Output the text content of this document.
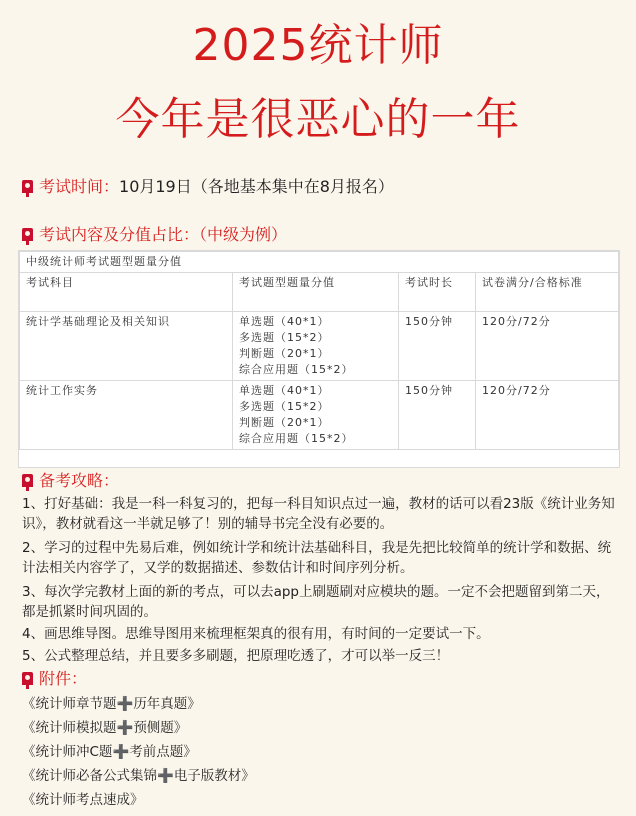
2025统计师
今年是很恶心的一年
考试时间：10月19日（各地基本集中在8月报名）
考试内容及分值占比：（中级为例）
中级统计师考试题型题量分值			
考试科目	考试题型题量分值	考试时长	试卷满分/合格标准
统计学基础理论及相关知识	单选题（40*1）
多选题（15*2）
判断题（20*1）
综合应用题（15*2）	150分钟	120分/72分
统计工作实务	单选题（40*1）
多选题（15*2）
判断题（20*1）
综合应用题（15*2）	150分钟	120分/72分
备考攻略：
1、打好基础：我是一科一科复习的，把每一科目知识点过一遍，教材的话可以看23版《统计业务知识》，教材就看这一半就足够了！别的辅导书完全没有必要的。
2、学习的过程中先易后难，例如统计学和统计法基础科目，我是先把比较简单的统计学和数据、统计法相关内容学了，又学的数据描述、参数估计和时间序列分析。
3、每次学完教材上面的新的考点，可以去app上刷题刷对应模块的题。一定不会把题留到第二天，都是抓紧时间巩固的。
4、画思维导图。思维导图用来梳理框架真的很有用，有时间的一定要试一下。
5、公式整理总结，并且要多多刷题，把原理吃透了，才可以举一反三！
附件：
《统计师章节题➕历年真题》
《统计师模拟题➕预侧题》
《统计师冲C题➕考前点题》
《统计师必备公式集锦➕电子版教材》
《统计师考点速成》
